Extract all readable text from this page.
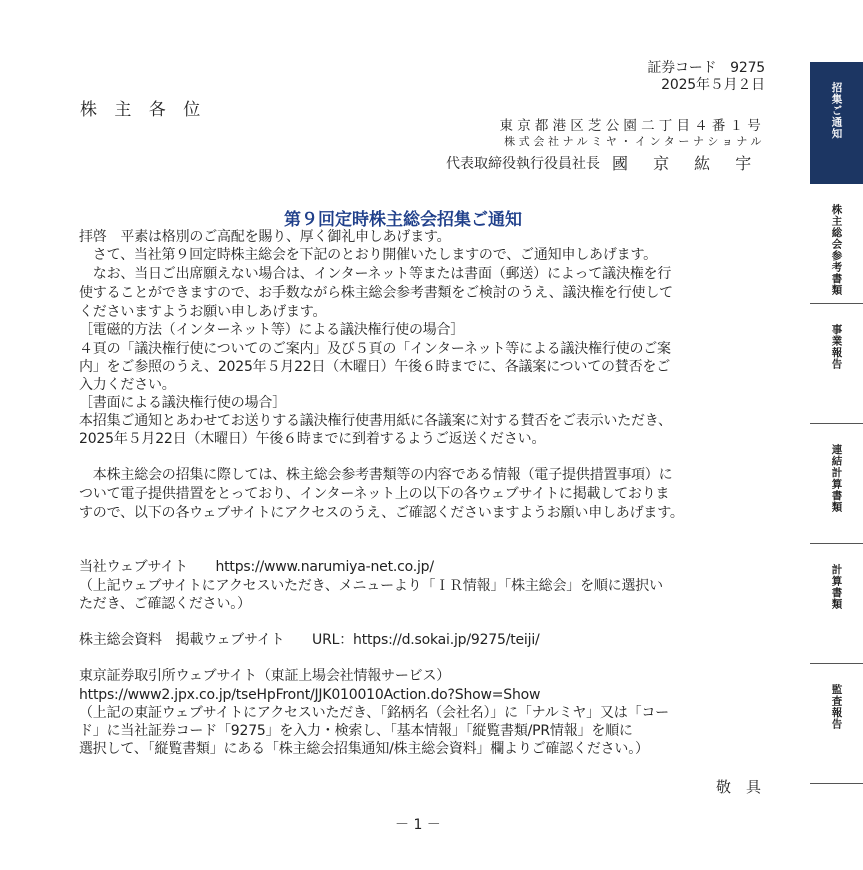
証券コード　9275
2025年５月２日
株 主 各 位
東京都港区芝公園二丁目４番１号
株式会社ナルミヤ・インターナショナル
代表取締役執行役員社長 國 京 紘 宇
第９回定時株主総会招集ご通知
拝啓　平素は格別のご高配を賜り、厚く御礼申しあげます。
　さて、当社第９回定時株主総会を下記のとおり開催いたしますので、ご通知申しあげます。
　なお、当日ご出席願えない場合は、インターネット等または書面（郵送）によって議決権を行
使することができますので、お手数ながら株主総会参考書類をご検討のうえ、議決権を行使して
くださいますようお願い申しあげます。
［電磁的方法（インターネット等）による議決権行使の場合］
４頁の「議決権行使についてのご案内」及び５頁の「インターネット等による議決権行使のご案
内」をご参照のうえ、2025年５月22日（木曜日）午後６時までに、各議案についての賛否をご
入力ください。
［書面による議決権行使の場合］
本招集ご通知とあわせてお送りする議決権行使書用紙に各議案に対する賛否をご表示いただき、
2025年５月22日（木曜日）午後６時までに到着するようご返送ください。
　本株主総会の招集に際しては、株主総会参考書類等の内容である情報（電子提供措置事項）に
ついて電子提供措置をとっており、インターネット上の以下の各ウェブサイトに掲載しておりま
すので、以下の各ウェブサイトにアクセスのうえ、ご確認くださいますようお願い申しあげます。
当社ウェブサイト　　https://www.narumiya-net.co.jp/
（上記ウェブサイトにアクセスいただき、メニューより「ＩＲ情報」「株主総会」を順に選択い
ただき、ご確認ください。）
株主総会資料　掲載ウェブサイト　　URL：https://d.sokai.jp/9275/teiji/
東京証券取引所ウェブサイト（東証上場会社情報サービス）
https://www2.jpx.co.jp/tseHpFront/JJK010010Action.do?Show=Show
（上記の東証ウェブサイトにアクセスいただき、「銘柄名（会社名）」に「ナルミヤ」又は「コー
ド」に当社証券コード「9275」を入力・検索し、「基本情報」「縦覧書類/PR情報」を順に
選択して、「縦覧書類」にある「株主総会招集通知/株主総会資料」欄よりご確認ください。）
敬　具
－ 1 －
招集ご通知
株主総会参考書類
事業報告
連結計算書類
計算書類
監査報告
